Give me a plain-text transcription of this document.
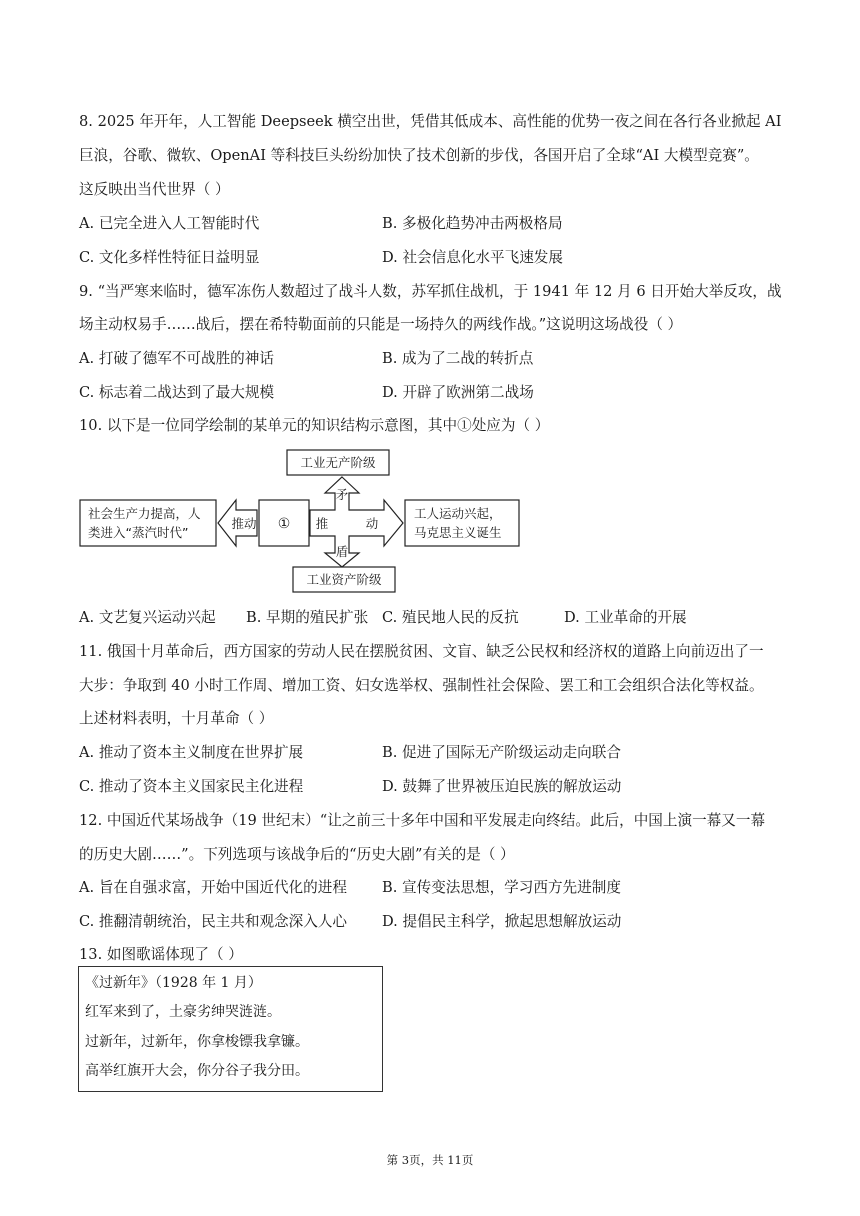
8. 2025 年开年，人工智能 Deepseek 横空出世，凭借其低成本、高性能的优势一夜之间在各行各业掀起 AI
巨浪，谷歌、微软、OpenAI 等科技巨头纷纷加快了技术创新的步伐，各国开启了全球“AI 大模型竞赛”。
这反映出当代世界（ ）
A. 已完全进入人工智能时代	B. 多极化趋势冲击两极格局
C. 文化多样性特征日益明显	D. 社会信息化水平飞速发展
9. “当严寒来临时，德军冻伤人数超过了战斗人数，苏军抓住战机，于 1941 年 12 月 6 日开始大举反攻，战
场主动权易手……战后，摆在希特勒面前的只能是一场持久的两线作战。”这说明这场战役（ ）
A. 打破了德军不可战胜的神话	B. 成为了二战的转折点
C. 标志着二战达到了最大规模	D. 开辟了欧洲第二战场
10. 以下是一位同学绘制的某单元的知识结构示意图，其中①处应为（ ）
工业无产阶级
工业资产阶级
社会生产力提高，人
类进入“蒸汽时代”
推动 ①
矛
推	动
盾
工人运动兴起，
马克思主义诞生
A. 文艺复兴运动兴起 B. 早期的殖民扩张 C. 殖民地人民的反抗	D. 工业革命的开展
11. 俄国十月革命后，西方国家的劳动人民在摆脱贫困、文盲、缺乏公民权和经济权的道路上向前迈出了一
大步：争取到 40 小时工作周、增加工资、妇女选举权、强制性社会保险、罢工和工会组织合法化等权益。
上述材料表明，十月革命（ ）
A. 推动了资本主义制度在世界扩展	B. 促进了国际无产阶级运动走向联合
C. 推动了资本主义国家民主化进程	D. 鼓舞了世界被压迫民族的解放运动
12. 中国近代某场战争（19 世纪末）“让之前三十多年中国和平发展走向终结。此后，中国上演一幕又一幕
的历史大剧……”。下列选项与该战争后的“历史大剧”有关的是（ ）
A. 旨在自强求富，开始中国近代化的进程 B. 宣传变法思想，学习西方先进制度
C. 推翻清朝统治，民主共和观念深入人心 D. 提倡民主科学，掀起思想解放运动
13. 如图歌谣体现了（ ）
《过新年》（1928 年 1 月）
红军来到了，土豪劣绅哭涟涟。
过新年，过新年，你拿梭镖我拿镰。
高举红旗开大会，你分谷子我分田。
第 3页，共 11页
